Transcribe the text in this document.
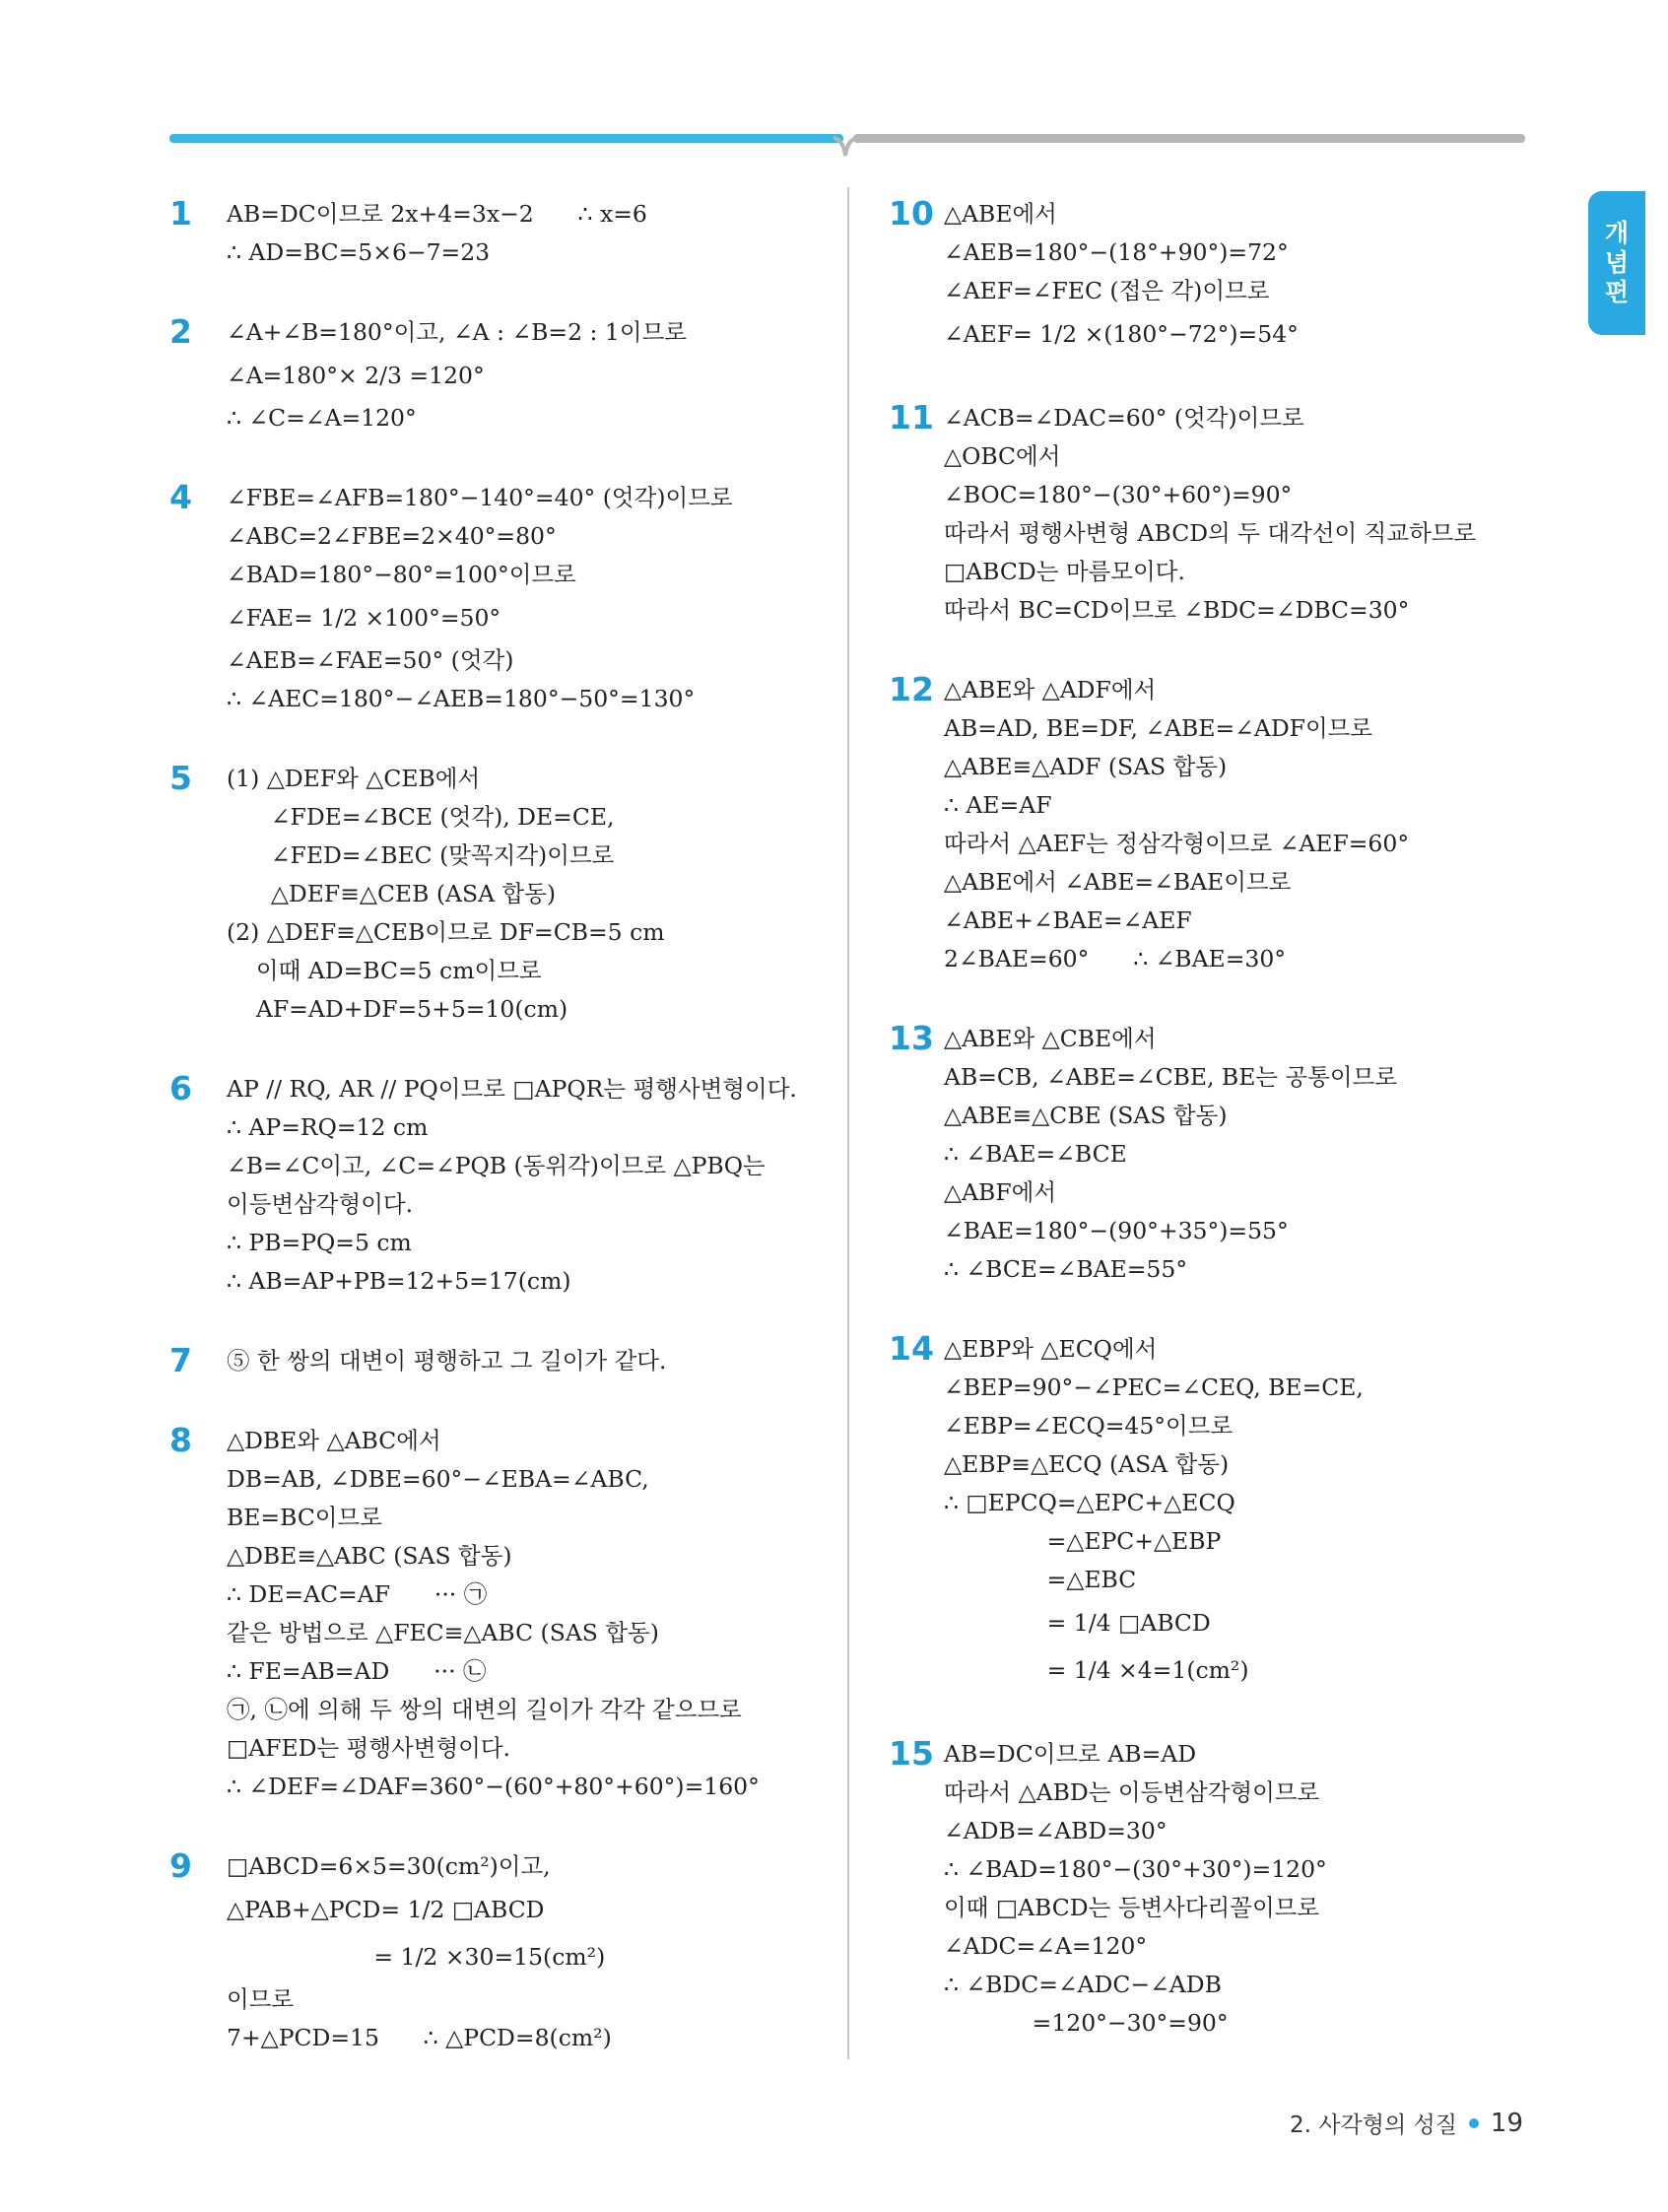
개
념
편
1	AB=DC이므로 2x+4=3x−2      ∴ x=6
∴ AD=BC=5×6−7=23
2	∠A+∠B=180°이고, ∠A : ∠B=2 : 1이므로
∠A=180°× 2/3 =120°
∴ ∠C=∠A=120°
4	∠FBE=∠AFB=180°−140°=40° (엇각)이므로
∠ABC=2∠FBE=2×40°=80°
∠BAD=180°−80°=100°이므로
∠FAE= 1/2 ×100°=50°
∠AEB=∠FAE=50° (엇각)
∴ ∠AEC=180°−∠AEB=180°−50°=130°
5	(1) △DEF와 △CEB에서
∠FDE=∠BCE (엇각), DE=CE,
∠FED=∠BEC (맞꼭지각)이므로
△DEF≡△CEB (ASA 합동)
(2) △DEF≡△CEB이므로 DF=CB=5 cm
이때 AD=BC=5 cm이므로
AF=AD+DF=5+5=10(cm)
6	AP // RQ, AR // PQ이므로 □APQR는 평행사변형이다.
∴ AP=RQ=12 cm
∠B=∠C이고, ∠C=∠PQB (동위각)이므로 △PBQ는
이등변삼각형이다.
∴ PB=PQ=5 cm
∴ AB=AP+PB=12+5=17(cm)
7	⑤ 한 쌍의 대변이 평행하고 그 길이가 같다.
8	△DBE와 △ABC에서
DB=AB, ∠DBE=60°−∠EBA=∠ABC,
BE=BC이므로
△DBE≡△ABC (SAS 합동)
∴ DE=AC=AF      ··· ㉠
같은 방법으로 △FEC≡△ABC (SAS 합동)
∴ FE=AB=AD      ··· ㉡
㉠, ㉡에 의해 두 쌍의 대변의 길이가 각각 같으므로
□AFED는 평행사변형이다.
∴ ∠DEF=∠DAF=360°−(60°+80°+60°)=160°
9	□ABCD=6×5=30(cm²)이고,
△PAB+△PCD= 1/2 □ABCD
= 1/2 ×30=15(cm²)
이므로
7+△PCD=15      ∴ △PCD=8(cm²)
10 △ABE에서
∠AEB=180°−(18°+90°)=72°
∠AEF=∠FEC (접은 각)이므로
∠AEF= 1/2 ×(180°−72°)=54°
11 ∠ACB=∠DAC=60° (엇각)이므로
△OBC에서
∠BOC=180°−(30°+60°)=90°
따라서 평행사변형 ABCD의 두 대각선이 직교하므로
□ABCD는 마름모이다.
따라서 BC=CD이므로 ∠BDC=∠DBC=30°
12 △ABE와 △ADF에서
AB=AD, BE=DF, ∠ABE=∠ADF이므로
△ABE≡△ADF (SAS 합동)
∴ AE=AF
따라서 △AEF는 정삼각형이므로 ∠AEF=60°
△ABE에서 ∠ABE=∠BAE이므로
∠ABE+∠BAE=∠AEF
2∠BAE=60°      ∴ ∠BAE=30°
13 △ABE와 △CBE에서
AB=CB, ∠ABE=∠CBE, BE는 공통이므로
△ABE≡△CBE (SAS 합동)
∴ ∠BAE=∠BCE
△ABF에서
∠BAE=180°−(90°+35°)=55°
∴ ∠BCE=∠BAE=55°
14 △EBP와 △ECQ에서
∠BEP=90°−∠PEC=∠CEQ, BE=CE,
∠EBP=∠ECQ=45°이므로
△EBP≡△ECQ (ASA 합동)
∴ □EPCQ=△EPC+△ECQ
=△EPC+△EBP
=△EBC
= 1/4 □ABCD
= 1/4 ×4=1(cm²)
15 AB=DC이므로 AB=AD
따라서 △ABD는 이등변삼각형이므로
∠ADB=∠ABD=30°
∴ ∠BAD=180°−(30°+30°)=120°
이때 □ABCD는 등변사다리꼴이므로
∠ADC=∠A=120°
∴ ∠BDC=∠ADC−∠ADB
=120°−30°=90°
2. 사각형의 성질 19
